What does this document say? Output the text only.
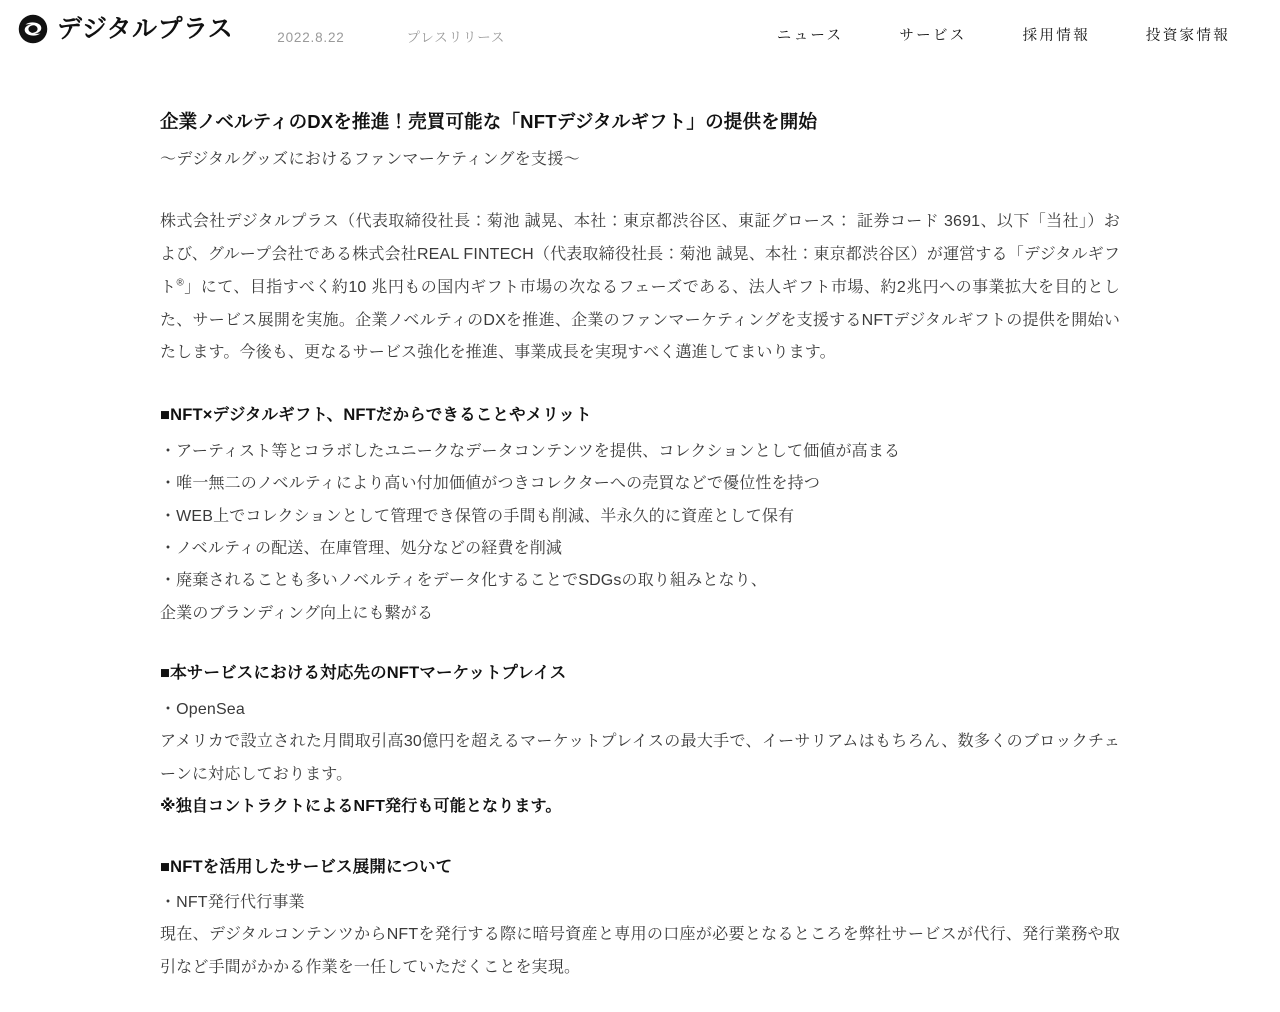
デジタルプラス	2022.8.22	プレスリリース	ニュース	サービス	採用情報	投資家情報
企業ノベルティのDXを推進！売買可能な「NFTデジタルギフト」の提供を開始

～デジタルグッズにおけるファンマーケティングを支援～

株式会社デジタルプラス（代表取締役社長：菊池 誠晃、本社：東京都渋谷区、東証グロース： 証券コード 3691、以下「当社」）および、グループ会社である株式会社REAL FINTECH（代表取締役社長：菊池 誠晃、本社：東京都渋谷区）が運営する「デジタルギフト®」にて、目指すべく約10 兆円もの国内ギフト市場の次なるフェーズである、法人ギフト市場、約2兆円への事業拡大を目的とした、サービス展開を実施。企業ノベルティのDXを推進、企業のファンマーケティングを支援するNFTデジタルギフトの提供を開始いたします。今後も、更なるサービス強化を推進、事業成長を実現すべく邁進してまいります。

■NFT×デジタルギフト、NFTだからできることやメリット
・アーティスト等とコラボしたユニークなデータコンテンツを提供、コレクションとして価値が高まる
・唯一無二のノベルティにより高い付加価値がつきコレクターへの売買などで優位性を持つ
・WEB上でコレクションとして管理でき保管の手間も削減、半永久的に資産として保有
・ノベルティの配送、在庫管理、処分などの経費を削減
・廃棄されることも多いノベルティをデータ化することでSDGsの取り組みとなり、
企業のブランディング向上にも繋がる
■本サービスにおける対応先のNFTマーケットプレイス
・OpenSea

アメリカで設立された月間取引高30億円を超えるマーケットプレイスの最大手で、イーサリアムはもちろん、数多くのブロックチェーンに対応しております。

※独自コントラクトによるNFT発行も可能となります。

■NFTを活用したサービス展開について
・NFT発行代行事業

現在、デジタルコンテンツからNFTを発行する際に暗号資産と専用の口座が必要となるところを弊社サービスが代行、発行業務や取引など手間がかかる作業を一任していただくことを実現。
